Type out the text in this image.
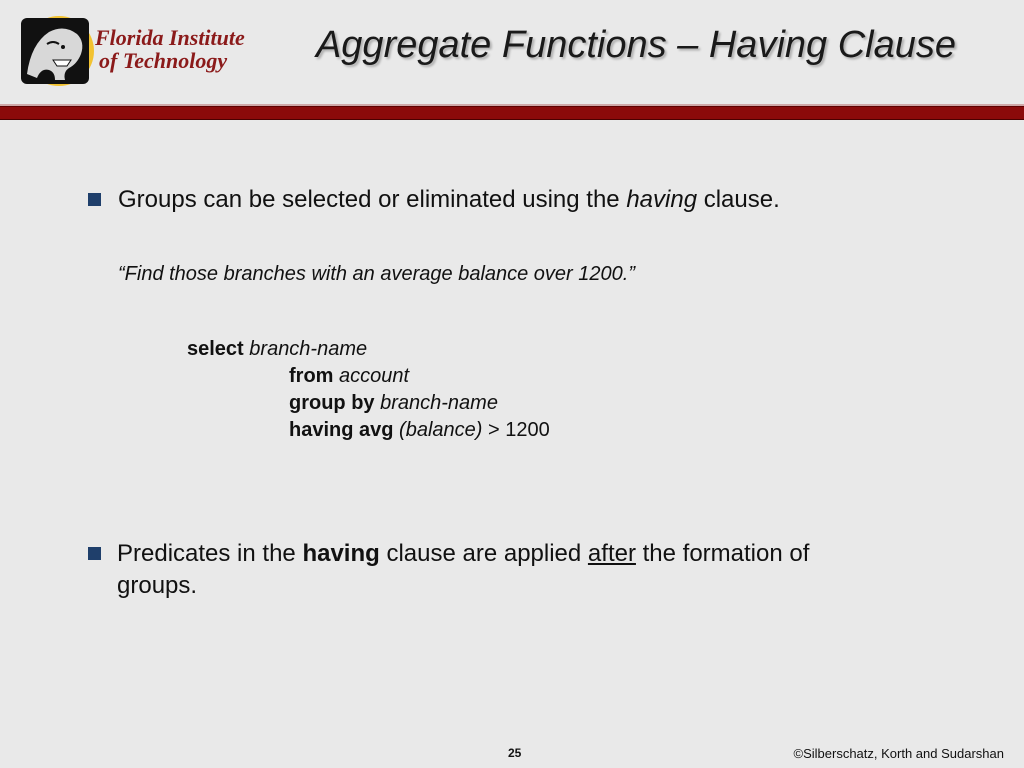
Florida Institute
of Technology	Aggregate Functions – Having Clause
Groups can be selected or eliminated using the having clause.
“Find those branches with an average balance over 1200.”
select branch-name
from account
group by branch-name
having avg (balance) > 1200
Predicates in the having clause are applied after the formation of
groups.
25	©Silberschatz, Korth and Sudarshan
